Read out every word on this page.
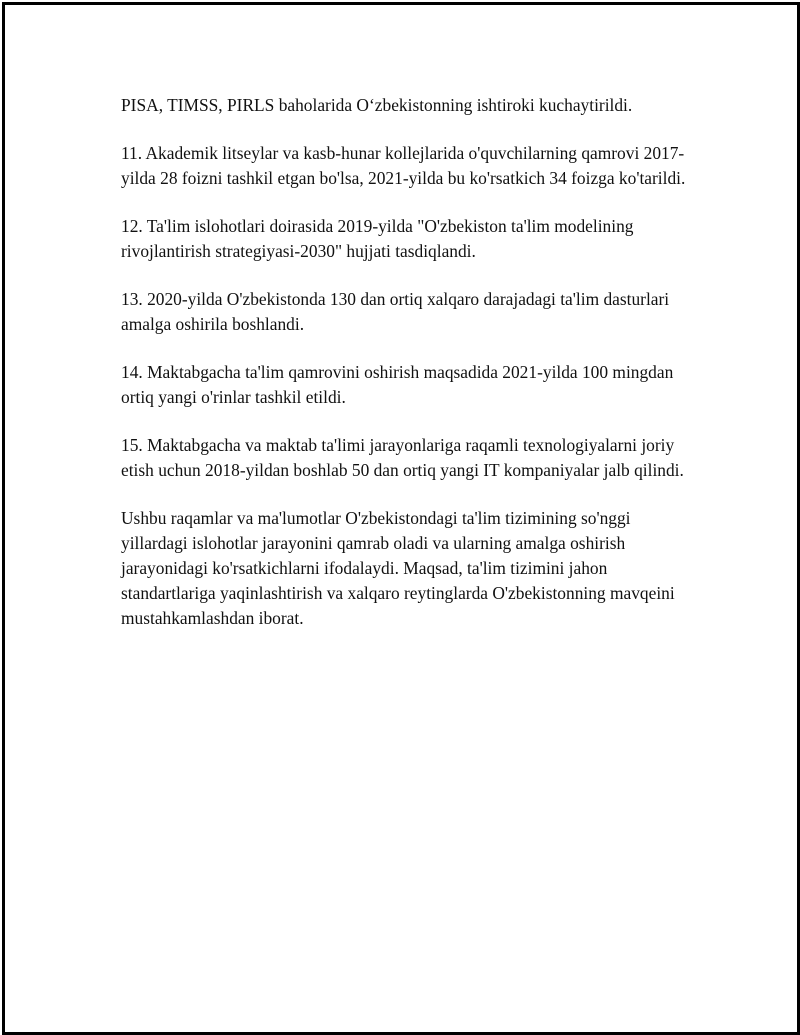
PISA, TIMSS, PIRLS baholarida O‘zbekistonning ishtiroki kuchaytirildi.

11. Akademik litseylar va kasb-hunar kollejlarida o'quvchilarning qamrovi 2017-yilda 28 foizni tashkil etgan bo'lsa, 2021-yilda bu ko'rsatkich 34 foizga ko'tarildi.

12. Ta'lim islohotlari doirasida 2019-yilda "O'zbekiston ta'lim modelining rivojlantirish strategiyasi-2030" hujjati tasdiqlandi.

13. 2020-yilda O'zbekistonda 130 dan ortiq xalqaro darajadagi ta'lim dasturlari amalga oshirila boshlandi.

14. Maktabgacha ta'lim qamrovini oshirish maqsadida 2021-yilda 100 mingdan ortiq yangi o'rinlar tashkil etildi.

15. Maktabgacha va maktab ta'limi jarayonlariga raqamli texnologiyalarni joriy etish uchun 2018-yildan boshlab 50 dan ortiq yangi IT kompaniyalar jalb qilindi.

Ushbu raqamlar va ma'lumotlar O'zbekistondagi ta'lim tizimining so'nggi yillardagi islohotlar jarayonini qamrab oladi va ularning amalga oshirish jarayonidagi ko'rsatkichlarni ifodalaydi. Maqsad, ta'lim tizimini jahon standartlariga yaqinlashtirish va xalqaro reytinglarda O'zbekistonning mavqeini mustahkamlashdan iborat.
